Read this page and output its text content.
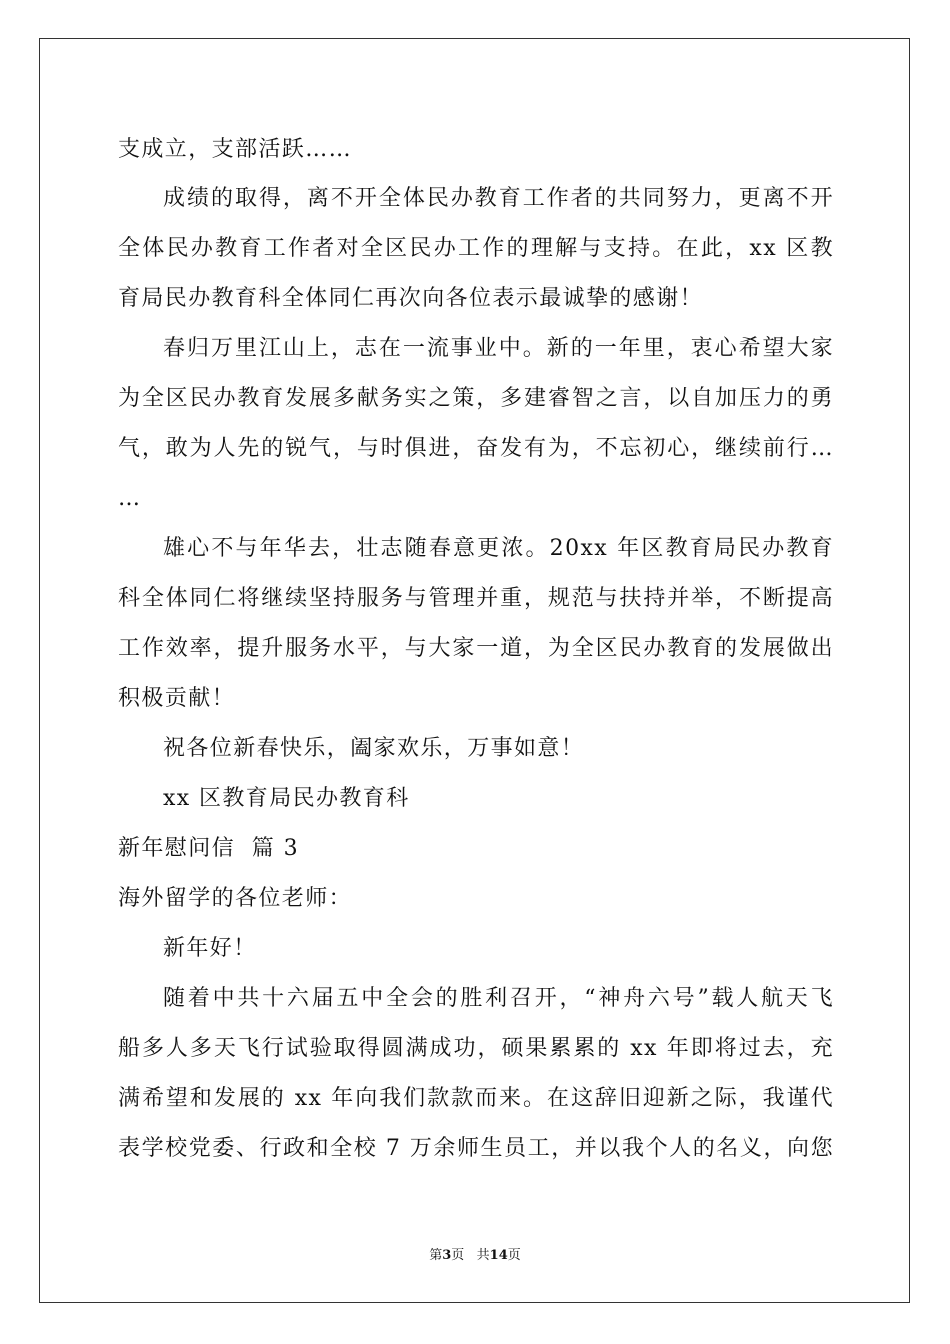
支成立，支部活跃……
成绩的取得，离不开全体民办教育工作者的共同努力，更离不开
全体民办教育工作者对全区民办工作的理解与支持。在此，xx 区教
育局民办教育科全体同仁再次向各位表示最诚挚的感谢！
春归万里江山上，志在一流事业中。新的一年里，衷心希望大家
为全区民办教育发展多献务实之策，多建睿智之言，以自加压力的勇
气，敢为人先的锐气，与时俱进，奋发有为，不忘初心，继续前行…
…
雄心不与年华去，壮志随春意更浓。20xx 年区教育局民办教育
科全体同仁将继续坚持服务与管理并重，规范与扶持并举，不断提高
工作效率，提升服务水平，与大家一道，为全区民办教育的发展做出
积极贡献！
祝各位新春快乐，阖家欢乐，万事如意！
xx 区教育局民办教育科
新年慰问信  篇 3
海外留学的各位老师：
新年好！
随着中共十六届五中全会的胜利召开，“神舟六号”载人航天飞
船多人多天飞行试验取得圆满成功，硕果累累的 xx 年即将过去，充
满希望和发展的 xx 年向我们款款而来。在这辞旧迎新之际，我谨代
表学校党委、行政和全校 7 万余师生员工，并以我个人的名义，向您
第3页   共14页
